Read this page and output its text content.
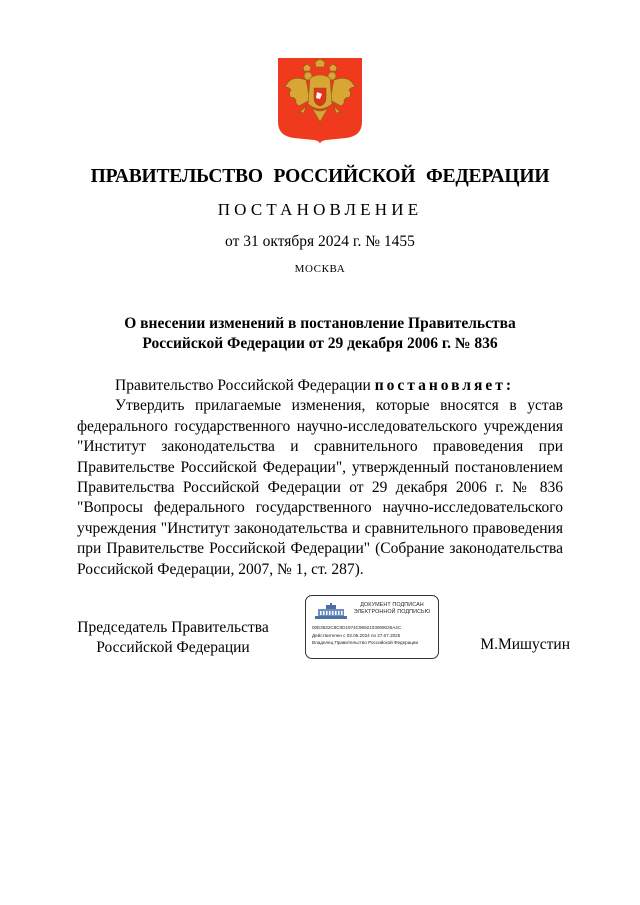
ПРАВИТЕЛЬСТВО РОССИЙСКОЙ ФЕДЕРАЦИИ
ПОСТАНОВЛЕНИЕ
от 31 октября 2024 г. № 1455
МОСКВА
О внесении изменений в постановление Правительства
Российской Федерации от 29 декабря 2006 г. № 836

Правительство Российской Федерации постановляет:

Утвердить прилагаемые изменения, которые вносятся в устав федерального государственного научно-исследовательского учреждения "Институт законодательства и сравнительного правоведения при Правительстве Российской Федерации", утвержденный постановлением Правительства Российской Федерации от 29 декабря 2006 г. № 836 "Вопросы федерального государственного научно-исследовательского учреждения "Институт законодательства и сравнительного правоведения при Правительстве Российской Федерации" (Собрание законодательства Российской Федерации, 2007, № 1, ст. 287).

Председатель Правительства
Российской Федерации
ДОКУМЕНТ ПОДПИСАН
ЭЛЕКТРОННОЙ ПОДПИСЬЮ
00E3832C8C0D1974C9892103069026A4C
Действителен с 03.05.2024 по 27.07.2025
Владелец Правительство Российской Федерации	М.Мишустин
